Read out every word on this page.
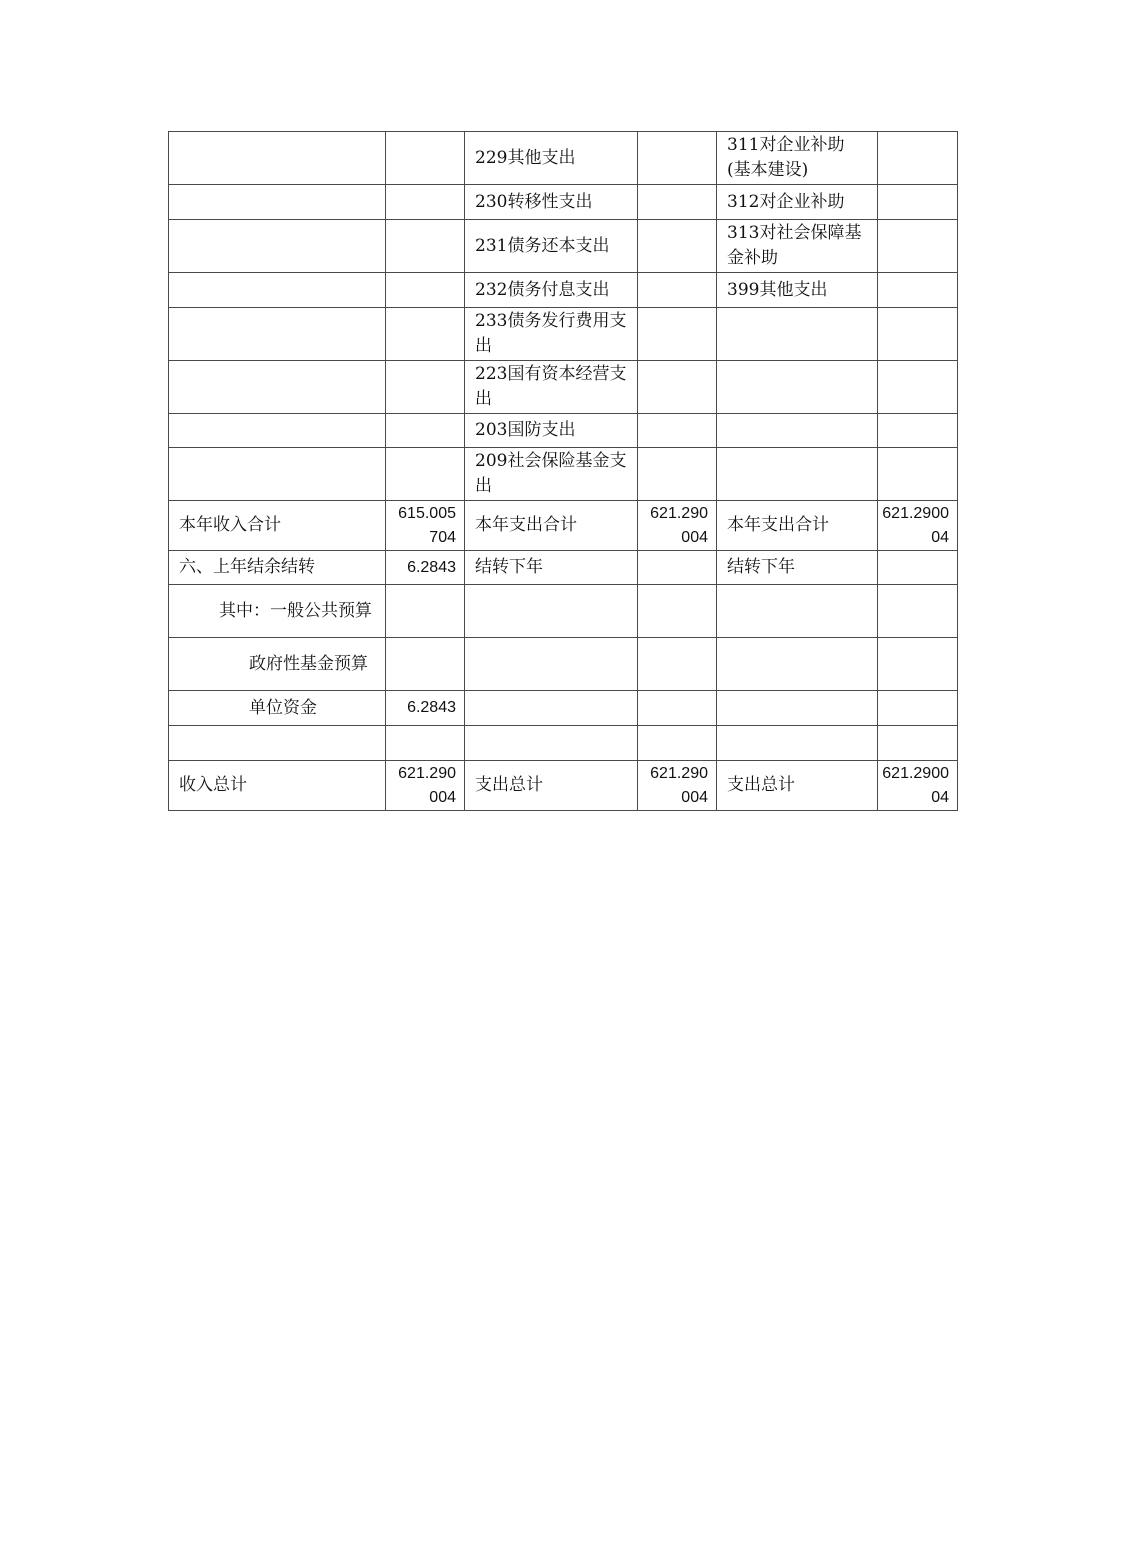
		229其他支出		311对企业补助(基本建设)	
		230转移性支出		312对企业补助	
		231债务还本支出		313对社会保障基金补助	
		232债务付息支出		399其他支出	
		233债务发行费用支出			
		223国有资本经营支出			
		203国防支出			
		209社会保险基金支出			
本年收入合计	615.005704	本年支出合计	621.290004	本年支出合计	621.290004
六、上年结余结转	6.2843	结转下年		结转下年	
其中：一般公共预算					
政府性基金预算					
单位资金	6.2843				

收入总计	621.290004	支出总计	621.290004	支出总计	621.290004
